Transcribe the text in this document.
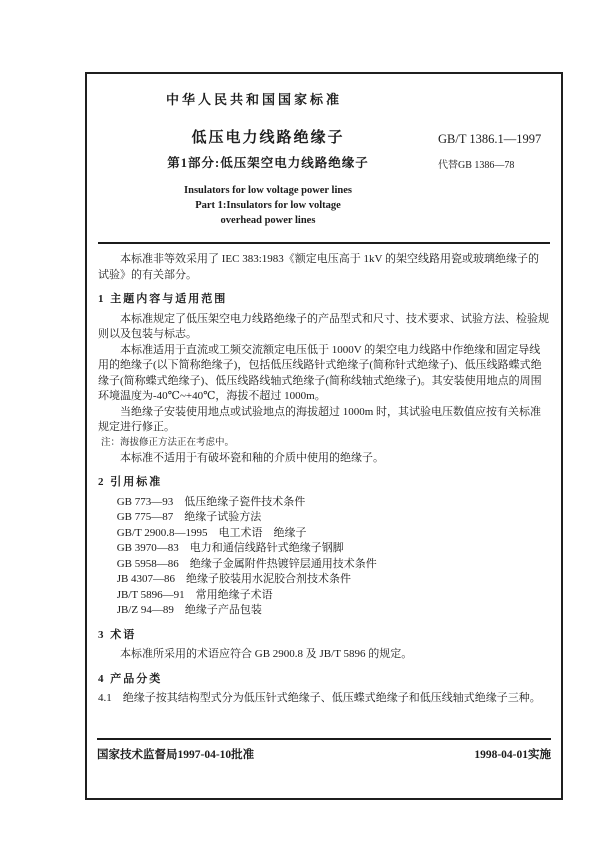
中华人民共和国国家标准
低压电力线路绝缘子
第1部分:低压架空电力线路绝缘子
GB/T 1386.1—1997
代替GB 1386—78
Insulators for low voltage power lines
Part 1:Insulators for low voltage
overhead power lines

本标准非等效采用了 IEC 383:1983《额定电压高于 1kV 的架空线路用瓷或玻璃绝缘子的试验》的有关部分。

1 主题内容与适用范围

本标准规定了低压架空电力线路绝缘子的产品型式和尺寸、技术要求、试验方法、检验规则以及包装与标志。

本标准适用于直流或工频交流额定电压低于 1000V 的架空电力线路中作绝缘和固定导线用的绝缘子(以下简称绝缘子)，包括低压线路针式绝缘子(简称针式绝缘子)、低压线路蝶式绝缘子(简称蝶式绝缘子)、低压线路线轴式绝缘子(简称线轴式绝缘子)。其安装使用地点的周围环境温度为-40℃~+40℃，海拔不超过 1000m。

当绝缘子安装使用地点或试验地点的海拔超过 1000m 时，其试验电压数值应按有关标准规定进行修正。

注：海拔修正方法正在考虑中。

本标准不适用于有破坏瓷和釉的介质中使用的绝缘子。

2 引用标准
GB 773—93　低压绝缘子瓷件技术条件
GB 775—87　绝缘子试验方法
GB/T 2900.8—1995　电工术语　绝缘子
GB 3970—83　电力和通信线路针式绝缘子钢脚
GB 5958—86　绝缘子金属附件热镀锌层通用技术条件
JB 4307—86　绝缘子胶装用水泥胶合剂技术条件
JB/T 5896—91　常用绝缘子术语
JB/Z 94—89　绝缘子产品包装
3 术语

本标准所采用的术语应符合 GB 2900.8 及 JB/T 5896 的规定。

4 产品分类

4.1　绝缘子按其结构型式分为低压针式绝缘子、低压蝶式绝缘子和低压线轴式绝缘子三种。

国家技术监督局1997-04-10批准	1998-04-01实施
